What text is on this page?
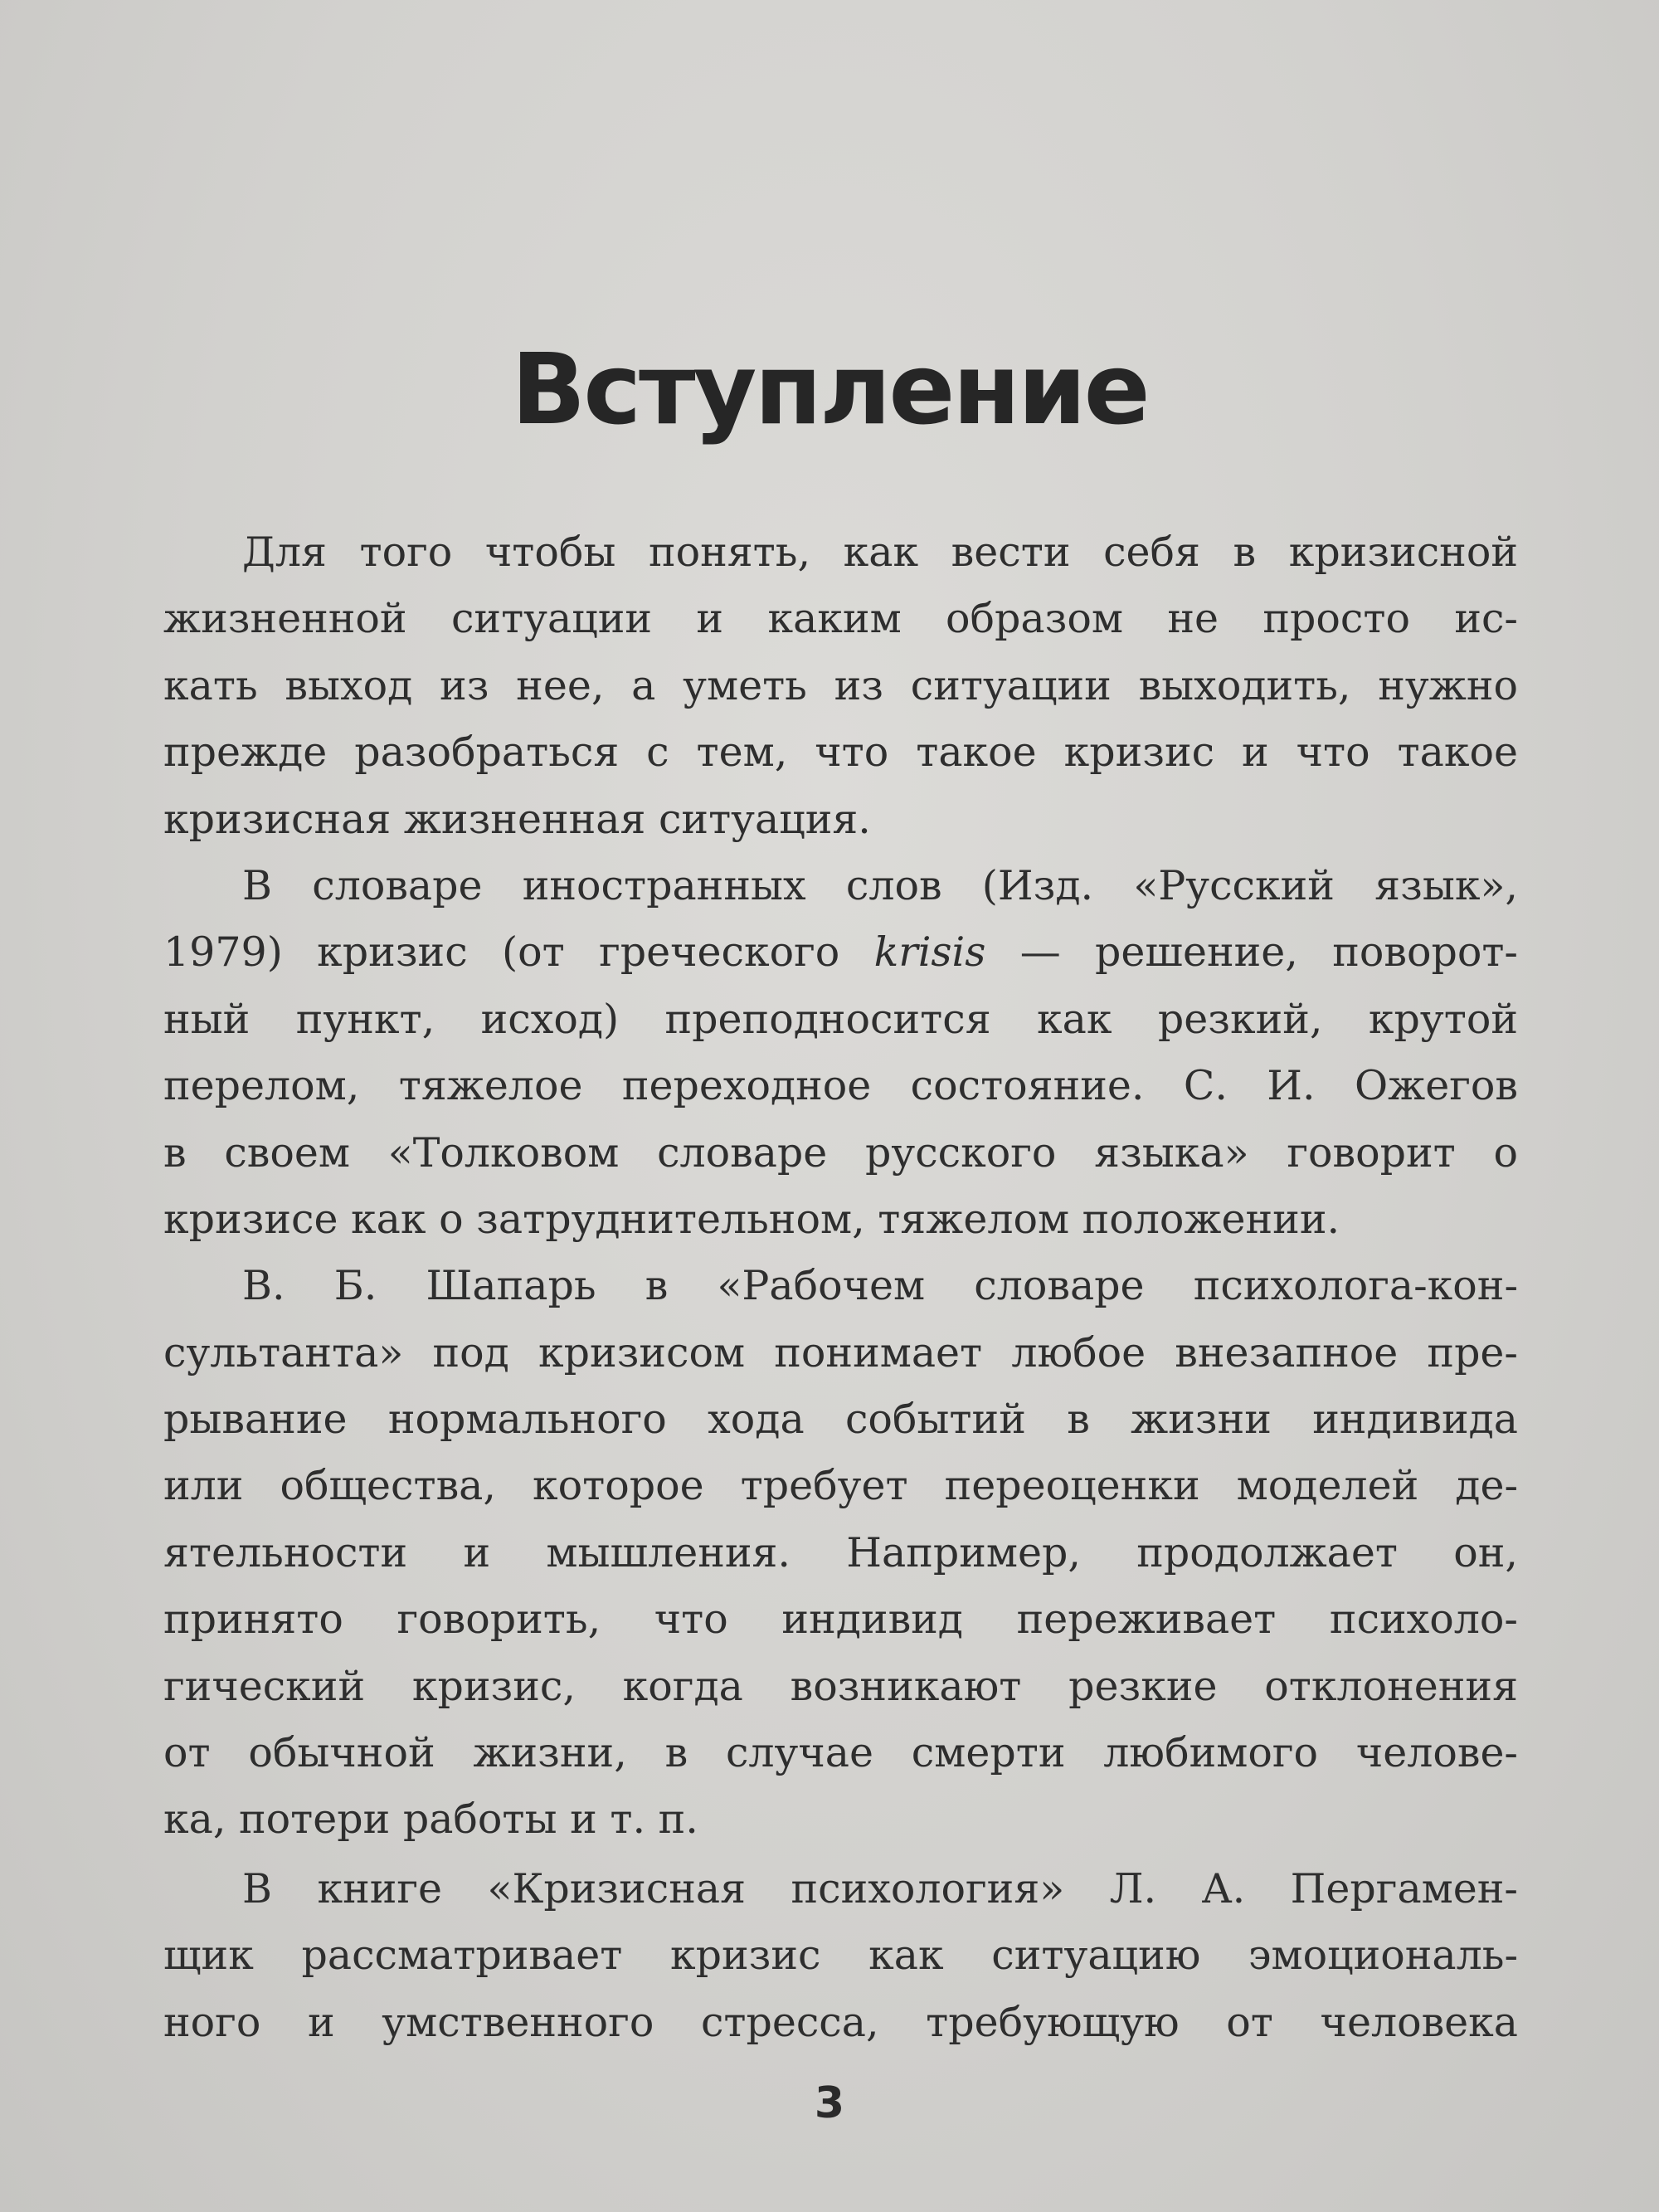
Вступление
Для того чтобы понять, как вести себя в кризисной
жизненной ситуации и каким образом не просто ис-
кать выход из нее, а уметь из ситуации выходить, нужно
прежде разобраться с тем, что такое кризис и что такое
кризисная жизненная ситуация.
В словаре иностранных слов (Изд. «Русский язык»,
1979) кризис (от греческого krisis — решение, поворот-
ный пункт, исход) преподносится как резкий, крутой
перелом, тяжелое переходное состояние. С. И. Ожегов
в своем «Толковом словаре русского языка» говорит о
кризисе как о затруднительном, тяжелом положении.
В. Б. Шапарь в «Рабочем словаре психолога-кон-
сультанта» под кризисом понимает любое внезапное пре-
рывание нормального хода событий в жизни индивида
или общества, которое требует переоценки моделей де-
ятельности и мышления. Например, продолжает он,
принято говорить, что индивид переживает психоло-
гический кризис, когда возникают резкие отклонения
от обычной жизни, в случае смерти любимого челове-
ка, потери работы и т. п.
В книге «Кризисная психология» Л. А. Пергамен-
щик рассматривает кризис как ситуацию эмоциональ-
ного и умственного стресса, требующую от человека
3
